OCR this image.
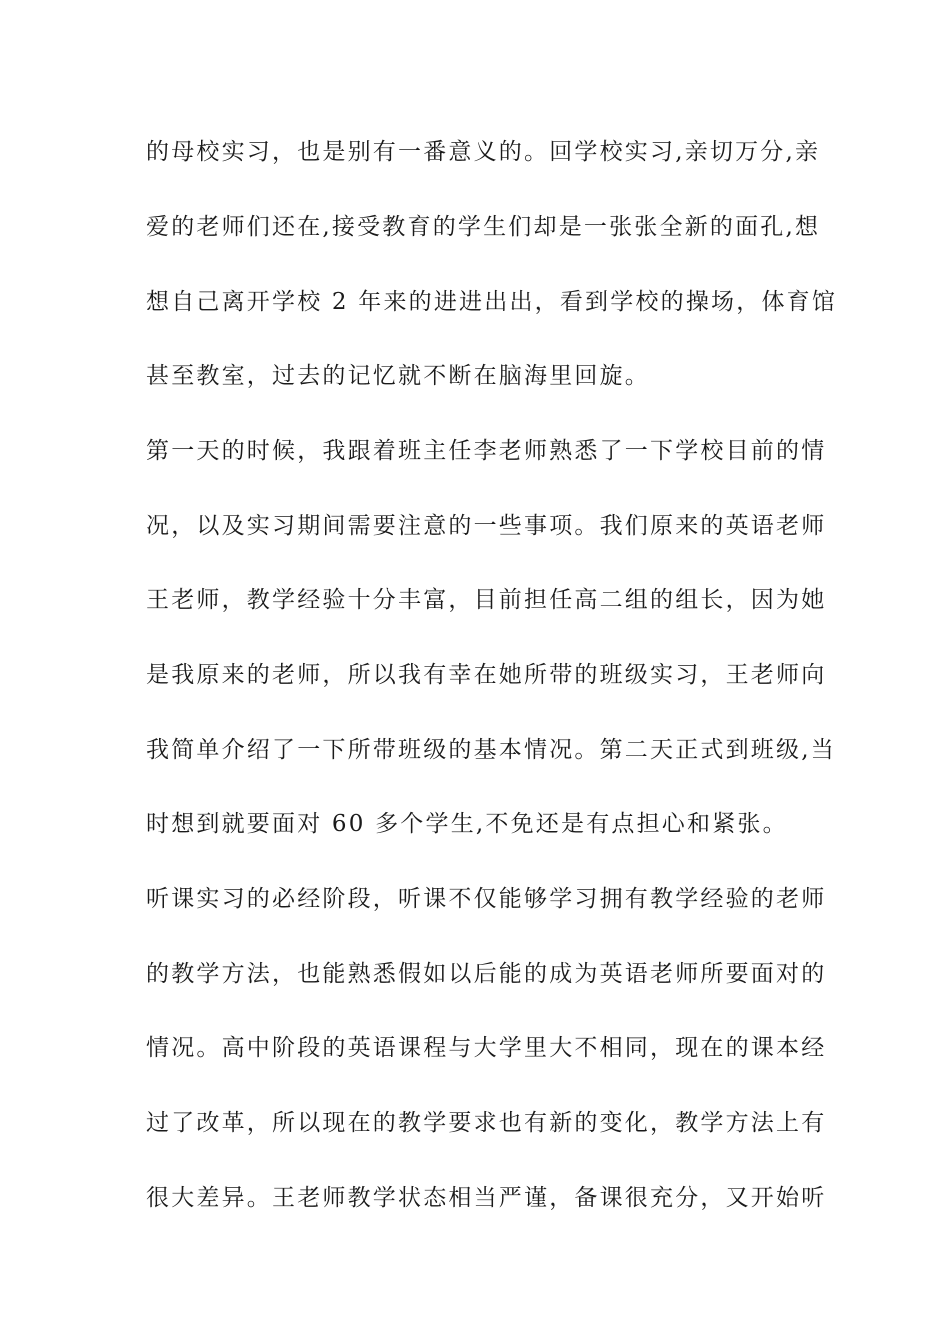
的母校实习，也是别有一番意义的。回学校实习,亲切万分,亲
爱的老师们还在,接受教育的学生们却是一张张全新的面孔,想
想自己离开学校 2 年来的进进出出，看到学校的操场，体育馆
甚至教室，过去的记忆就不断在脑海里回旋。
第一天的时候，我跟着班主任李老师熟悉了一下学校目前的情
况，以及实习期间需要注意的一些事项。我们原来的英语老师
王老师，教学经验十分丰富，目前担任高二组的组长，因为她
是我原来的老师，所以我有幸在她所带的班级实习，王老师向
我简单介绍了一下所带班级的基本情况。第二天正式到班级,当
时想到就要面对 60 多个学生,不免还是有点担心和紧张。
听课实习的必经阶段，听课不仅能够学习拥有教学经验的老师
的教学方法，也能熟悉假如以后能的成为英语老师所要面对的
情况。高中阶段的英语课程与大学里大不相同，现在的课本经
过了改革，所以现在的教学要求也有新的变化，教学方法上有
很大差异。王老师教学状态相当严谨，备课很充分，又开始听
